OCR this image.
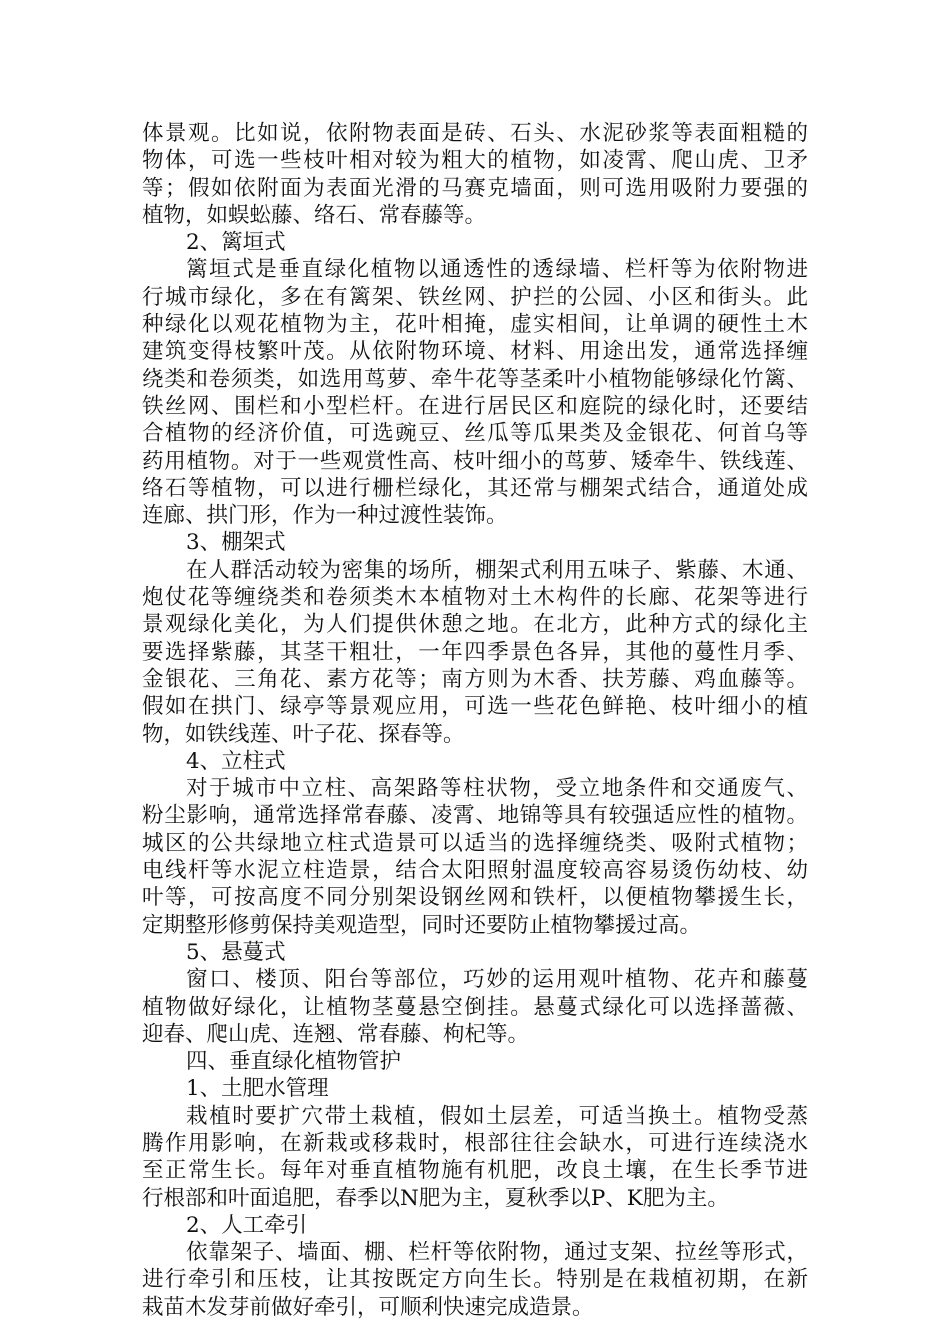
体景观。比如说，依附物表面是砖、石头、水泥砂浆等表面粗糙的
物体，可选一些枝叶相对较为粗大的植物，如凌霄、爬山虎、卫矛
等；假如依附面为表面光滑的马赛克墙面，则可选用吸附力要强的
植物，如蜈蚣藤、络石、常春藤等。
2、篱垣式
篱垣式是垂直绿化植物以通透性的透绿墙、栏杆等为依附物进
行城市绿化，多在有篱架、铁丝网、护拦的公园、小区和街头。此
种绿化以观花植物为主，花叶相掩，虚实相间，让单调的硬性土木
建筑变得枝繁叶茂。从依附物环境、材料、用途出发，通常选择缠
绕类和卷须类，如选用茑萝、牵牛花等茎柔叶小植物能够绿化竹篱、
铁丝网、围栏和小型栏杆。在进行居民区和庭院的绿化时，还要结
合植物的经济价值，可选豌豆、丝瓜等瓜果类及金银花、何首乌等
药用植物。对于一些观赏性高、枝叶细小的茑萝、矮牵牛、铁线莲、
络石等植物，可以进行栅栏绿化，其还常与棚架式结合，通道处成
连廊、拱门形，作为一种过渡性装饰。
3、棚架式
在人群活动较为密集的场所，棚架式利用五味子、紫藤、木通、
炮仗花等缠绕类和卷须类木本植物对土木构件的长廊、花架等进行
景观绿化美化，为人们提供休憩之地。在北方，此种方式的绿化主
要选择紫藤，其茎干粗壮，一年四季景色各异，其他的蔓性月季、
金银花、三角花、素方花等；南方则为木香、扶芳藤、鸡血藤等。
假如在拱门、绿亭等景观应用，可选一些花色鲜艳、枝叶细小的植
物，如铁线莲、叶子花、探春等。
4、立柱式
对于城市中立柱、高架路等柱状物，受立地条件和交通废气、
粉尘影响，通常选择常春藤、凌霄、地锦等具有较强适应性的植物。
城区的公共绿地立柱式造景可以适当的选择缠绕类、吸附式植物；
电线杆等水泥立柱造景，结合太阳照射温度较高容易烫伤幼枝、幼
叶等，可按高度不同分别架设钢丝网和铁杆，以便植物攀援生长，
定期整形修剪保持美观造型，同时还要防止植物攀援过高。
5、悬蔓式
窗口、楼顶、阳台等部位，巧妙的运用观叶植物、花卉和藤蔓
植物做好绿化，让植物茎蔓悬空倒挂。悬蔓式绿化可以选择蔷薇、
迎春、爬山虎、连翘、常春藤、枸杞等。
四、垂直绿化植物管护
1、土肥水管理
栽植时要扩穴带土栽植，假如土层差，可适当换土。植物受蒸
腾作用影响，在新栽或移栽时，根部往往会缺水，可进行连续浇水
至正常生长。每年对垂直植物施有机肥，改良土壤，在生长季节进
行根部和叶面追肥，春季以N肥为主，夏秋季以P、K肥为主。
2、人工牵引
依靠架子、墙面、棚、栏杆等依附物，通过支架、拉丝等形式，
进行牵引和压枝，让其按既定方向生长。特别是在栽植初期，在新
栽苗木发芽前做好牵引，可顺利快速完成造景。
